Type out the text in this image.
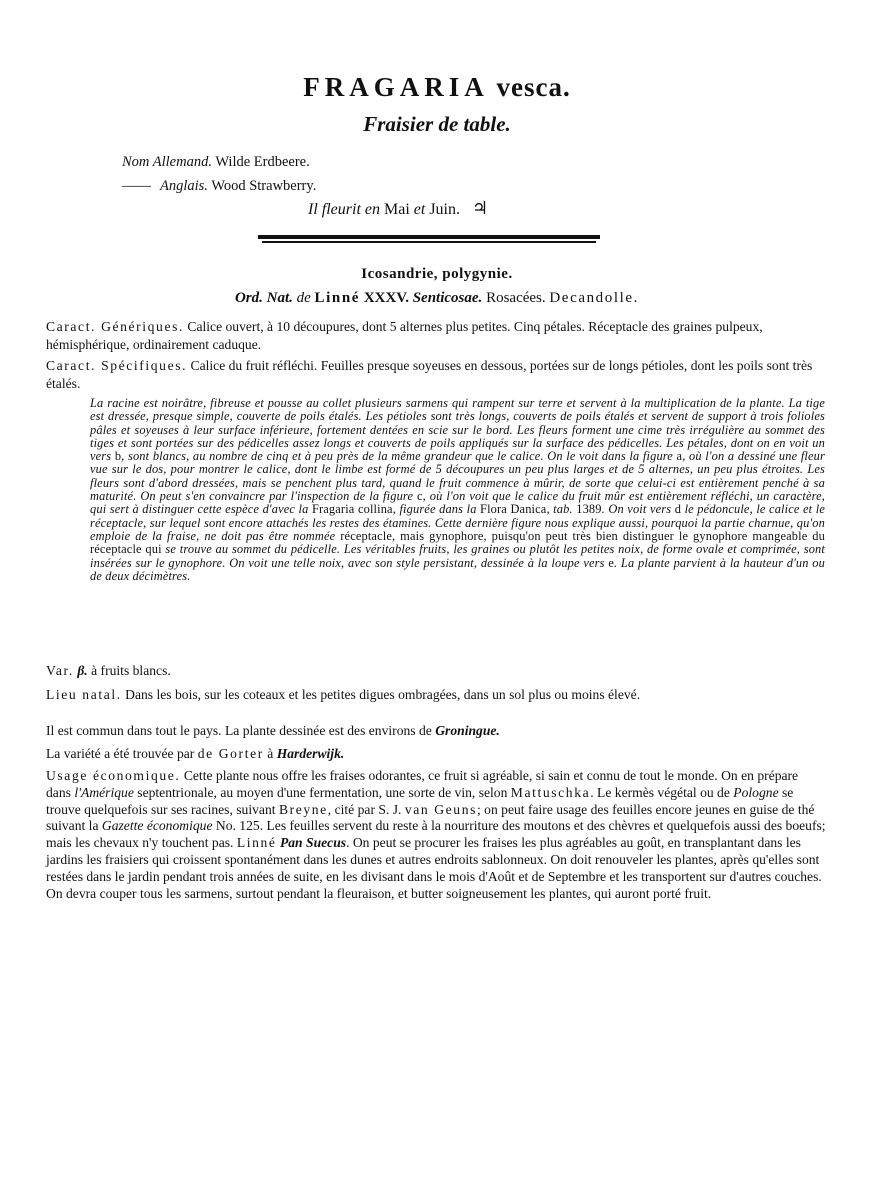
FRAGARIA vesca.
Fraisier de table.
Nom Allemand. Wilde Erdbeere.
——Anglais. Wood Strawberry.
Il fleurit en Mai et Juin. ♃
Icosandrie, polygynie.
Ord. Nat. de Linné XXXV. Senticosae. Rosacées. Decandolle.
Caract. Génériques. Calice ouvert, à 10 découpures, dont 5 alternes plus petites. Cinq pétales. Réceptacle des graines pulpeux, hémisphérique, ordinairement caduque.
Caract. Spécifiques. Calice du fruit réfléchi. Feuilles presque soyeuses en dessous, portées sur de longs pétioles, dont les poils sont très étalés.
La racine est noirâtre, fibreuse et pousse au collet plusieurs sarmens qui rampent sur terre et servent à la multiplication de la plante. La tige est dressée, presque simple, couverte de poils étalés. Les pétioles sont très longs, couverts de poils étalés et servent de support à trois folioles pâles et soyeuses à leur surface inférieure, fortement dentées en scie sur le bord. Les fleurs forment une cime très irrégulière au sommet des tiges et sont portées sur des pédicelles assez longs et couverts de poils appliqués sur la surface des pédicelles. Les pétales, dont on en voit un vers b, sont blancs, au nombre de cinq et à peu près de la même grandeur que le calice. On le voit dans la figure a, où l'on a dessiné une fleur vue sur le dos, pour montrer le calice, dont le limbe est formé de 5 découpures un peu plus larges et de 5 alternes, un peu plus étroites. Les fleurs sont d'abord dressées, mais se penchent plus tard, quand le fruit commence à mûrir, de sorte que celui-ci est entièrement penché à sa maturité. On peut s'en convaincre par l'inspection de la figure c, où l'on voit que le calice du fruit mûr est entièrement réfléchi, un caractère, qui sert à distinguer cette espèce d'avec la Fragaria collina, figurée dans la Flora Danica, tab. 1389. On voit vers d le pédoncule, le calice et le réceptacle, sur lequel sont encore attachés les restes des étamines. Cette dernière figure nous explique aussi, pourquoi la partie charnue, qu'on emploie de la fraise, ne doit pas être nommée réceptacle, mais gynophore, puisqu'on peut très bien distinguer le gynophore mangeable du réceptacle qui se trouve au sommet du pédicelle. Les véritables fruits, les graines ou plutôt les petites noix, de forme ovale et comprimée, sont insérées sur le gynophore. On voit une telle noix, avec son style persistant, dessinée à la loupe vers e. La plante parvient à la hauteur d'un ou de deux décimètres.
Var. β. à fruits blancs.
Lieu natal. Dans les bois, sur les coteaux et les petites digues ombragées, dans un sol plus ou moins élevé.
Il est commun dans tout le pays. La plante dessinée est des environs de Groningue.
La variété a été trouvée par de Gorter à Harderwijk.
Usage économique. Cette plante nous offre les fraises odorantes, ce fruit si agréable, si sain et connu de tout le monde. On en prépare dans l'Amérique septentrionale, au moyen d'une fermentation, une sorte de vin, selon Mattuschka. Le kermès végétal ou de Pologne se trouve quelquefois sur ses racines, suivant Breyne, cité par S. J. van Geuns; on peut faire usage des feuilles encore jeunes en guise de thé suivant la Gazette économique No. 125. Les feuilles servent du reste à la nourriture des moutons et des chèvres et quelquefois aussi des boeufs; mais les chevaux n'y touchent pas. Linné Pan Suecus. On peut se procurer les fraises les plus agréables au goût, en transplantant dans les jardins les fraisiers qui croissent spontanément dans les dunes et autres endroits sablonneux. On doit renouveler les plantes, après qu'elles sont restées dans le jardin pendant trois années de suite, en les divisant dans le mois d'Août et de Septembre et les transportent sur d'autres couches. On devra couper tous les sarmens, surtout pendant la fleuraison, et butter soigneusement les plantes, qui auront porté fruit.
